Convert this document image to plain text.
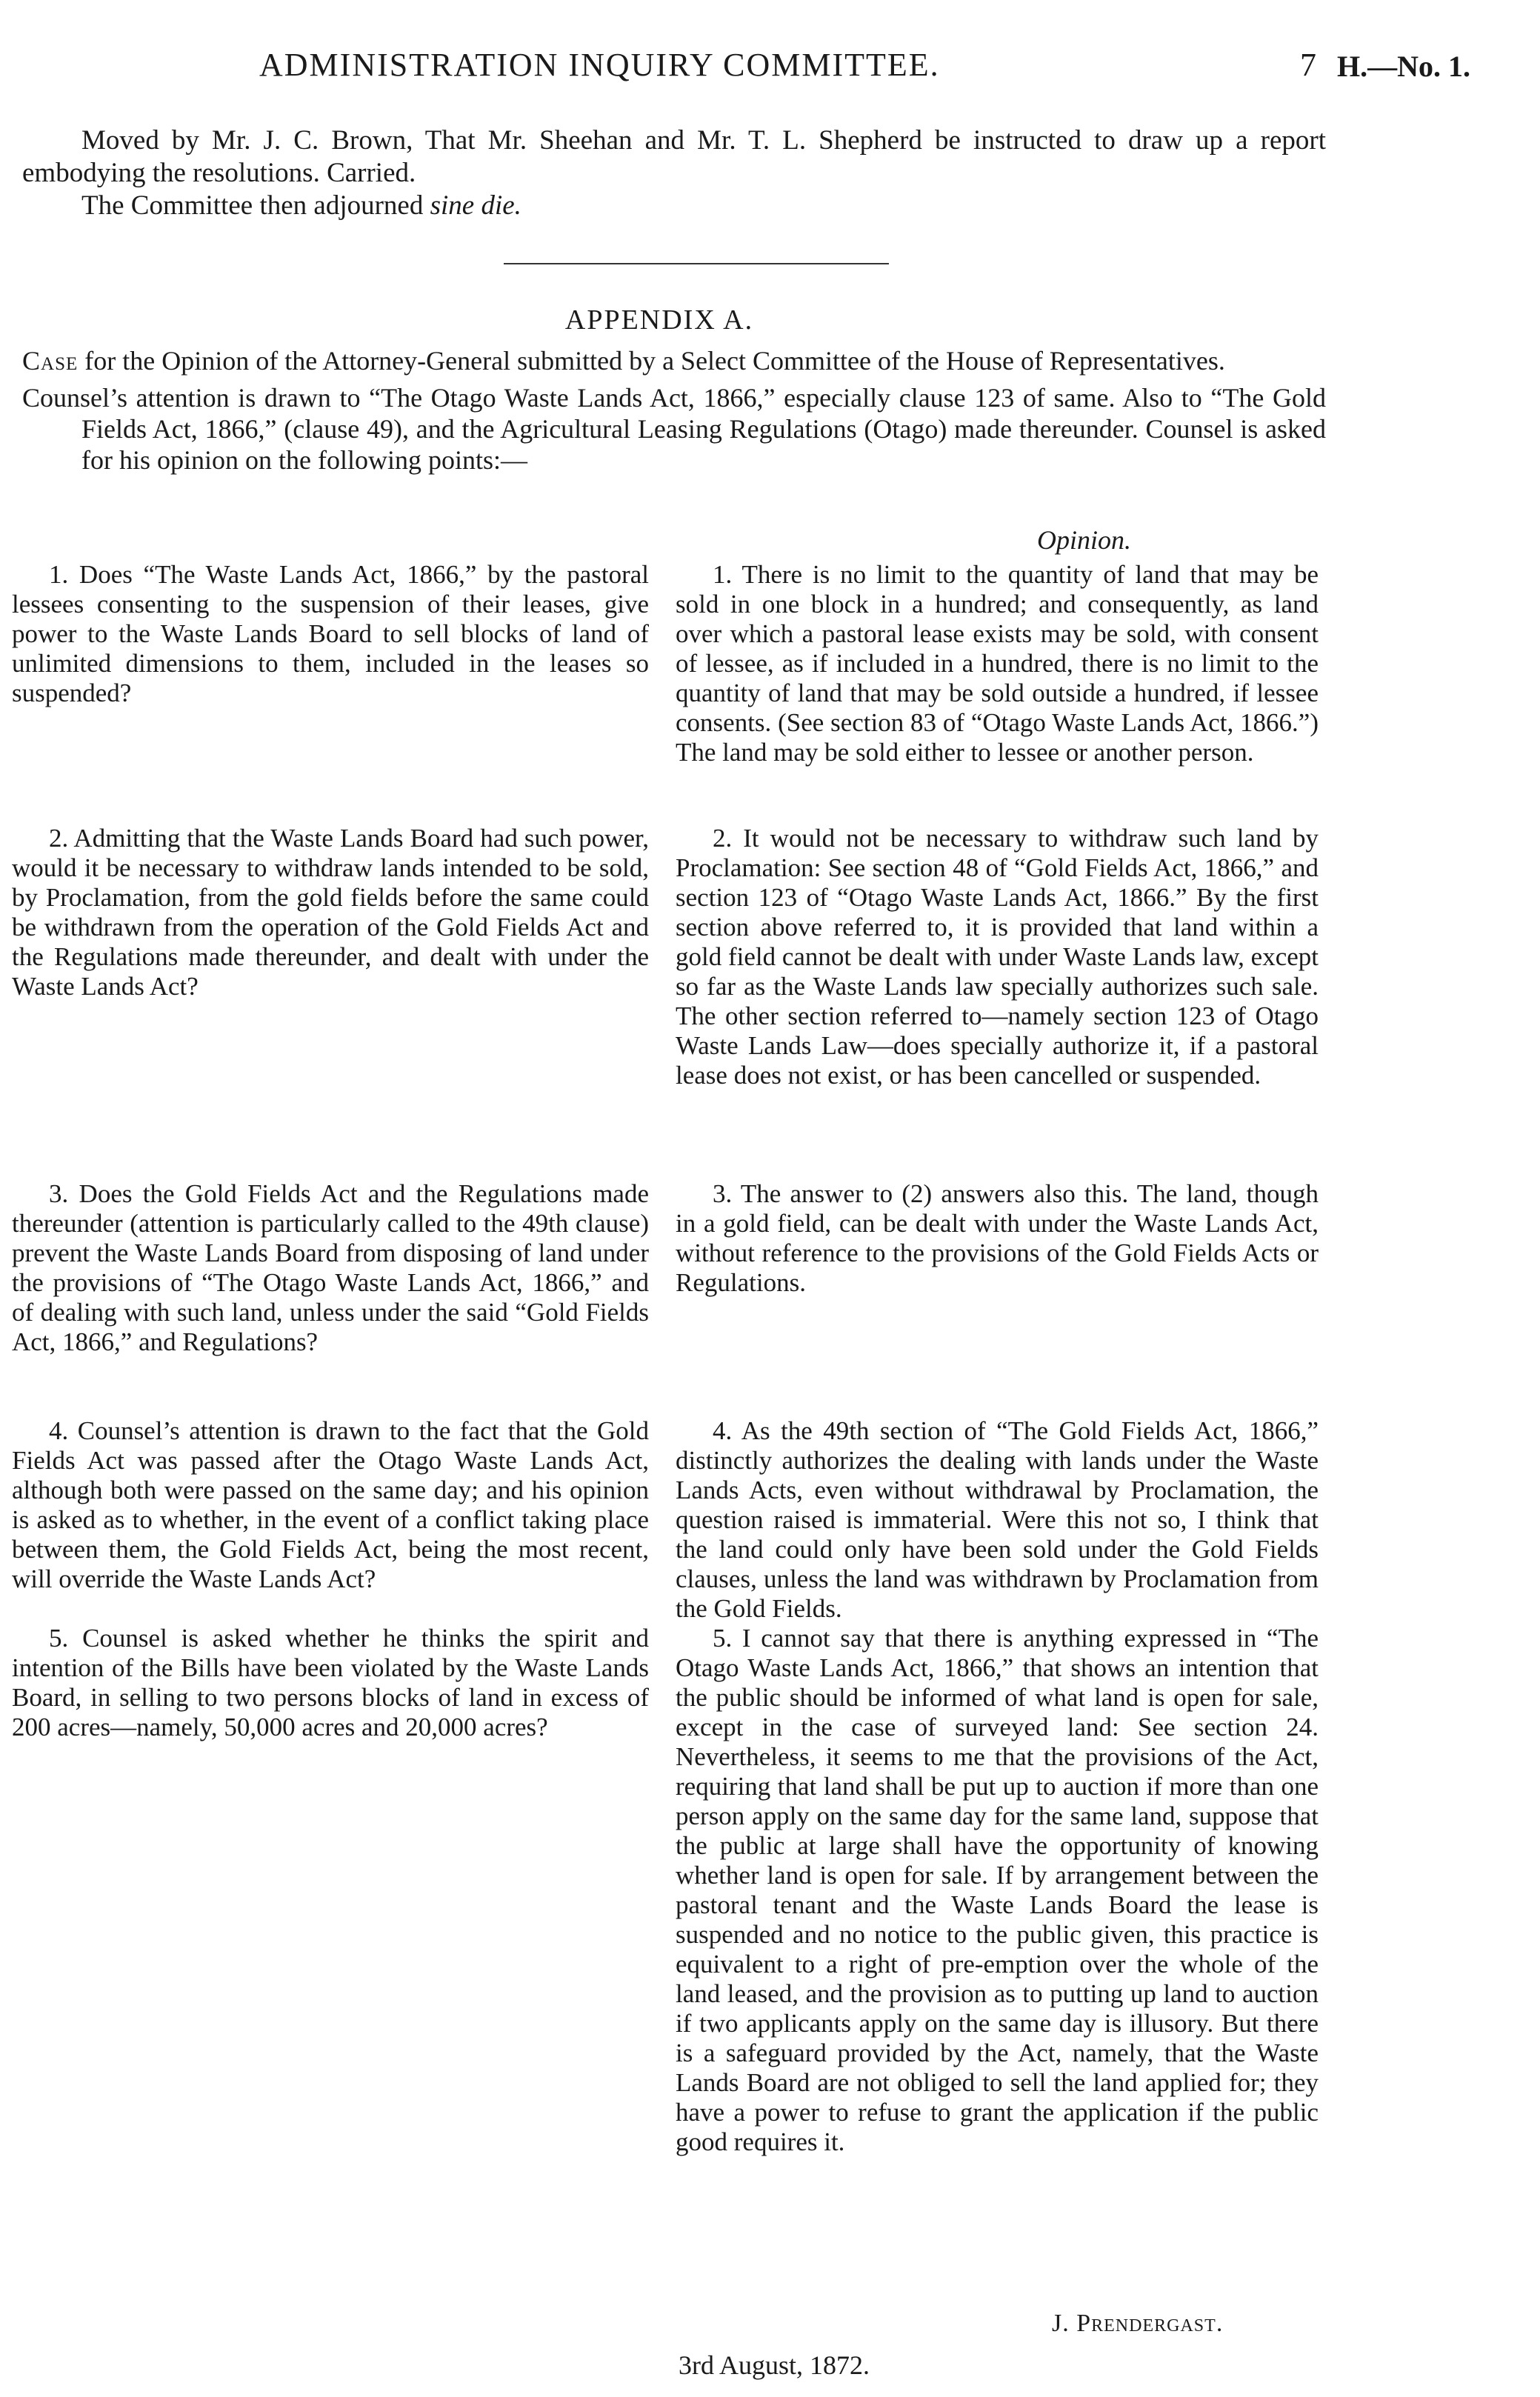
ADMINISTRATION INQUIRY COMMITTEE.	7 H.—No. 1.

Moved by Mr. J. C. Brown, That Mr. Sheehan and Mr. T. L. Shepherd be instructed to draw up a report embodying the resolutions. Carried.

The Committee then adjourned sine die.

APPENDIX A.

Case for the Opinion of the Attorney-General submitted by a Select Committee of the House of Representatives.

Counsel’s attention is drawn to “The Otago Waste Lands Act, 1866,” especially clause 123 of same. Also to “The Gold Fields Act, 1866,” (clause 49), and the Agricultural Leasing Regulations (Otago) made thereunder. Counsel is asked for his opinion on the following points:—

Opinion.

1. Does “The Waste Lands Act, 1866,” by the pastoral lessees consenting to the suspension of their leases, give power to the Waste Lands Board to sell blocks of land of unlimited dimensions to them, included in the leases so suspended?

2. Admitting that the Waste Lands Board had such power, would it be necessary to withdraw lands intended to be sold, by Proclamation, from the gold fields before the same could be withdrawn from the operation of the Gold Fields Act and the Regulations made thereunder, and dealt with under the Waste Lands Act?

3. Does the Gold Fields Act and the Regulations made thereunder (attention is particularly called to the 49th clause) prevent the Waste Lands Board from disposing of land under the provisions of “The Otago Waste Lands Act, 1866,” and of dealing with such land, unless under the said “Gold Fields Act, 1866,” and Regulations?

4. Counsel’s attention is drawn to the fact that the Gold Fields Act was passed after the Otago Waste Lands Act, although both were passed on the same day; and his opinion is asked as to whether, in the event of a conflict taking place between them, the Gold Fields Act, being the most recent, will override the Waste Lands Act?

5. Counsel is asked whether he thinks the spirit and intention of the Bills have been violated by the Waste Lands Board, in selling to two persons blocks of land in excess of 200 acres—namely, 50,000 acres and 20,000 acres?

1. There is no limit to the quantity of land that may be sold in one block in a hundred; and consequently, as land over which a pastoral lease exists may be sold, with consent of lessee, as if included in a hundred, there is no limit to the quantity of land that may be sold outside a hundred, if lessee consents. (See section 83 of “Otago Waste Lands Act, 1866.”) The land may be sold either to lessee or another person.

2. It would not be necessary to withdraw such land by Proclamation: See section 48 of “Gold Fields Act, 1866,” and section 123 of “Otago Waste Lands Act, 1866.” By the first section above referred to, it is provided that land within a gold field cannot be dealt with under Waste Lands law, except so far as the Waste Lands law specially authorizes such sale. The other section referred to—namely section 123 of Otago Waste Lands Law—does specially authorize it, if a pastoral lease does not exist, or has been cancelled or suspended.

3. The answer to (2) answers also this. The land, though in a gold field, can be dealt with under the Waste Lands Act, without reference to the provisions of the Gold Fields Acts or Regulations.

4. As the 49th section of “The Gold Fields Act, 1866,” distinctly authorizes the dealing with lands under the Waste Lands Acts, even without withdrawal by Proclamation, the question raised is immaterial. Were this not so, I think that the land could only have been sold under the Gold Fields clauses, unless the land was withdrawn by Proclamation from the Gold Fields.

5. I cannot say that there is anything expressed in “The Otago Waste Lands Act, 1866,” that shows an intention that the public should be informed of what land is open for sale, except in the case of surveyed land: See section 24. Nevertheless, it seems to me that the provisions of the Act, requiring that land shall be put up to auction if more than one person apply on the same day for the same land, suppose that the public at large shall have the opportunity of knowing whether land is open for sale. If by arrangement between the pastoral tenant and the Waste Lands Board the lease is suspended and no notice to the public given, this practice is equivalent to a right of pre-emption over the whole of the land leased, and the provision as to putting up land to auction if two applicants apply on the same day is illusory. But there is a safeguard provided by the Act, namely, that the Waste Lands Board are not obliged to sell the land applied for; they have a power to refuse to grant the application if the public good requires it.

J. Prendergast.
3rd August, 1872.
